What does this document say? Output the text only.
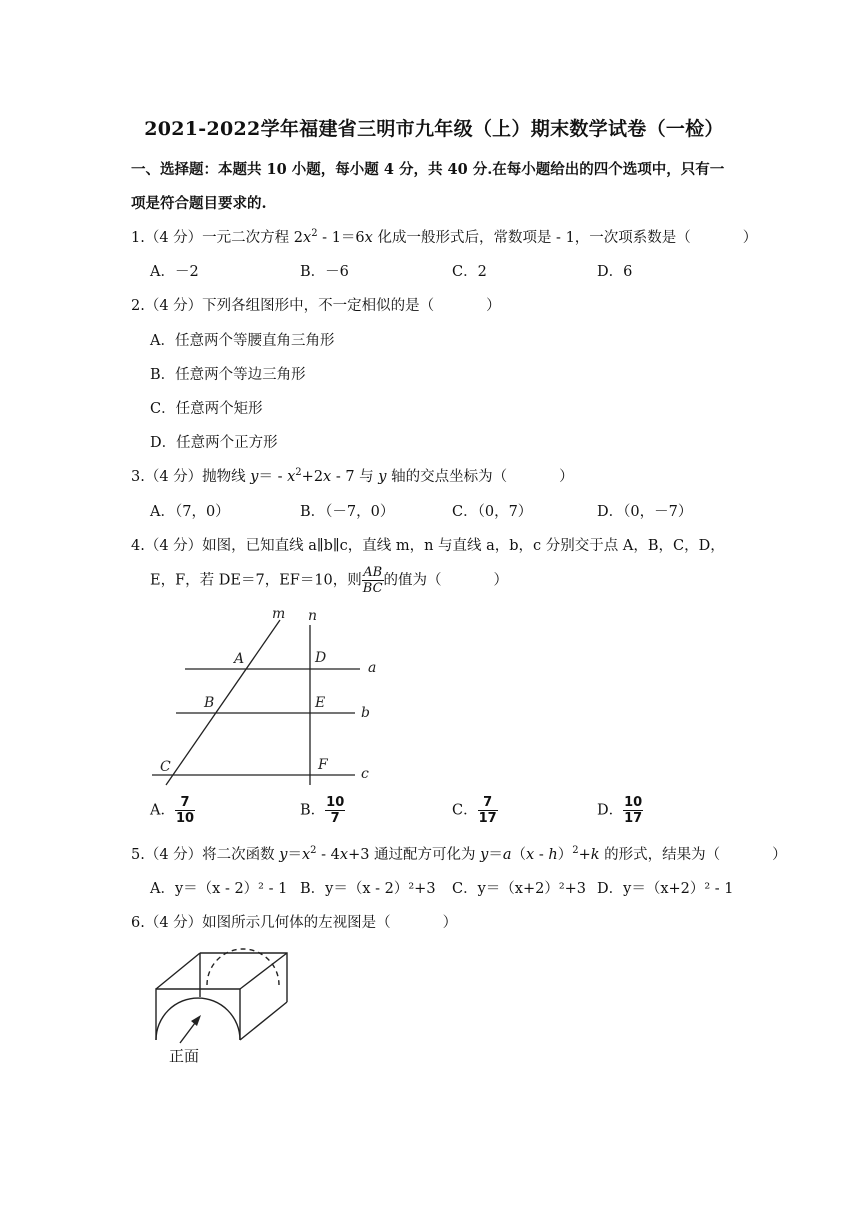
2021-2022学年福建省三明市九年级（上）期末数学试卷（一检）
一、选择题：本题共 10 小题，每小题 4 分，共 40 分.在每小题给出的四个选项中，只有一
项是符合题目要求的.
1.（4 分）一元二次方程 $2x^2 - 1=6x$ 化成一般形式后，常数项是 - 1，一次项系数是（	）
A．－2	B．－6	C．2	D．6
2.（4 分）下列各组图形中，不一定相似的是（	）
A．任意两个等腰直角三角形
B．任意两个等边三角形
C．任意两个矩形
D．任意两个正方形
3.（4 分）抛物线 $y= - x^2+2x - 7$ 与 y 轴的交点坐标为（	）
A．（7，0）	B．（－7，0）	C．（0，7）	D．（0，－7）
4.（4 分）如图，已知直线 a∥b∥c，直线 m，n 与直线 a，b，c 分别交于点 A，B，C，D，
E，F，若 DE＝7，EF＝10，则 $\frac{AB}{BC}$ 的值为（	）
m n
a
b
c
A
B
C
D
E
F
A． $\frac{7}{10}$	B． $\frac{10}{7}$	C． $\frac{7}{17}$	D． $\frac{10}{17}$
5.（4 分）将二次函数 $y=x^2 - 4x+3$ 通过配方可化为 y＝a（x - h）$^2$+k 的形式，结果为（	）
A．y＝（x - 2）² - 1 B．y＝（x - 2）²+3 C．y＝（x+2）²+3 D．y＝（x+2）² - 1
6.（4 分）如图所示几何体的左视图是（	）
正面
